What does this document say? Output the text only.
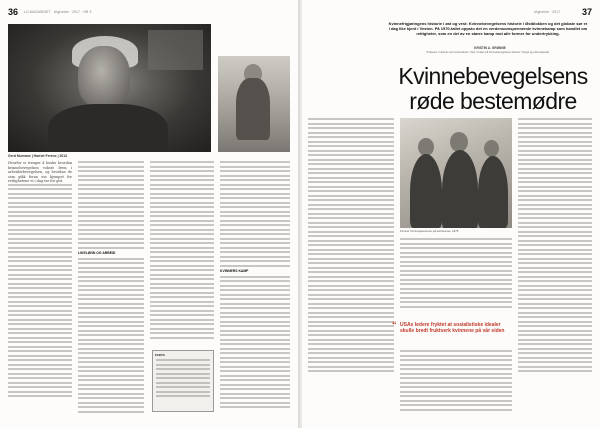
36 LO-MAGASINET · Utgivelse · 2017 · NR 3
Gerd Murvane | Harriet Ferenc | 2013
Hvorfor vi trenger å huske hvordan kvinnebevegelsen vokste frem i arbeiderbevegelsen, og hvordan de som gikk foran oss kjempet for rettighetene vi i dag tar for gitt.
LIKELØNN OG ARBEID
FAKTA
KVINNERS KAMP
37
Utgivelse · 2017
Kvinnefrigjøringens historie i øst og vest: Kvinnebevegelsens historie i Østblokken og det globale sør er i dag like kjent i Vesten. På 1970-tallet oppsto det en verdensomspennende kvinnekamp som handlet om rettigheter, som en del av en større kamp mot alle former for undertrykking.
KRISTIN A. GRØNNE
Professor i historie ved Universitetet i Oslo, forsker på kvinnebevegelsens historie i Norge og internasjonalt.
Kvinnebevegelsens
røde bestemødre
Kvinner fra Sovjetunionen på konferanse, 1975.
“ USAs ledere fryktet at sosialistiske idealer skulle bredt fruktverk kvinnene på vår siden
